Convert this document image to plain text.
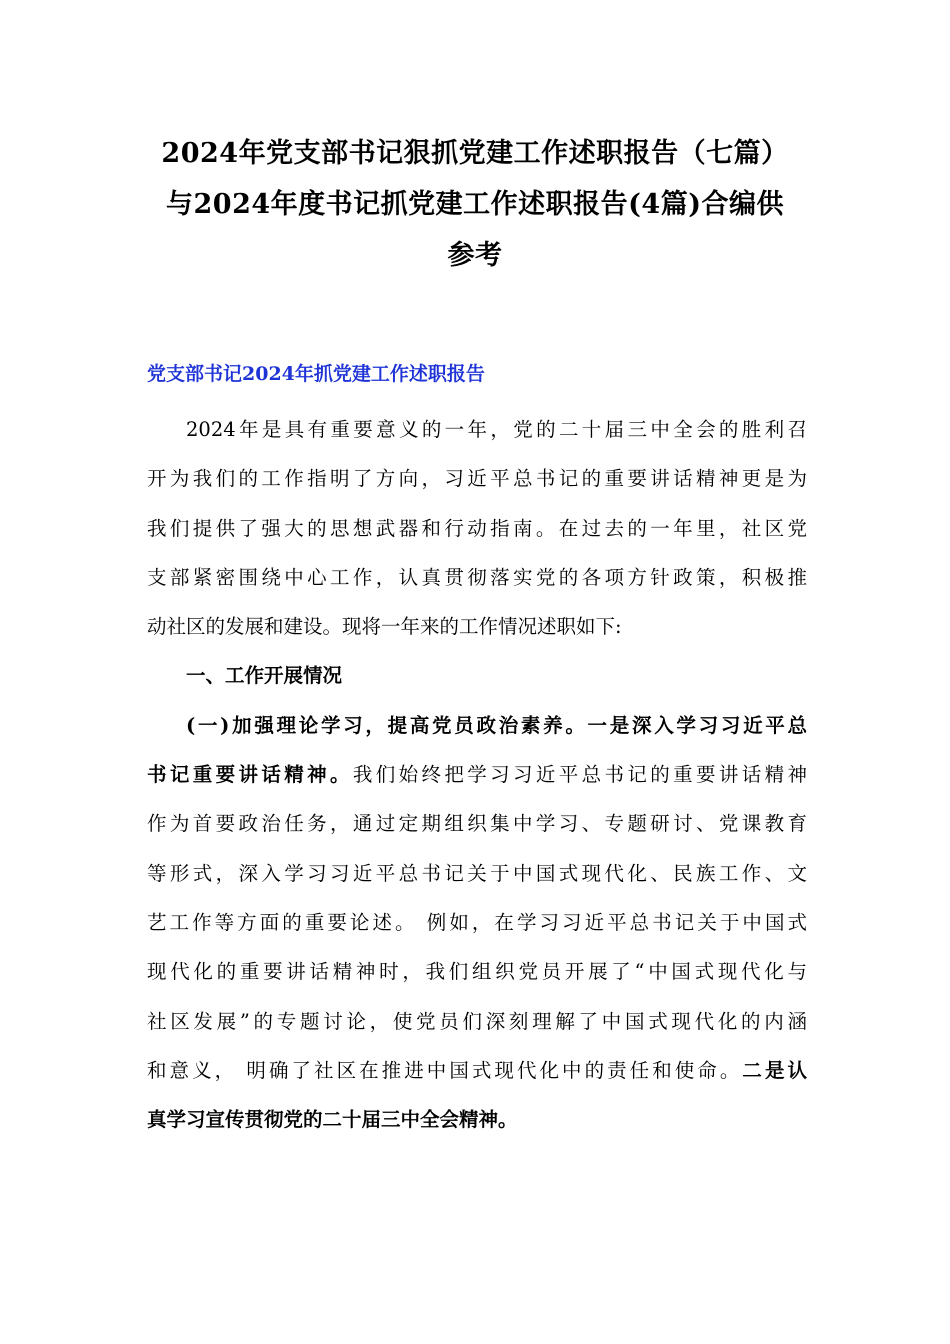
2024年党支部书记狠抓党建工作述职报告（七篇）
与2024年度书记抓党建工作述职报告(4篇)合编供
参考
党支部书记2024年抓党建工作述职报告
2024年是具有重要意义的一年，党的二十届三中全会的胜利召
开为我们的工作指明了方向，习近平总书记的重要讲话精神更是为
我们提供了强大的思想武器和行动指南。在过去的一年里，社区党
支部紧密围绕中心工作，认真贯彻落实党的各项方针政策，积极推
动社区的发展和建设。现将一年来的工作情况述职如下:
一、工作开展情况
(一)加强理论学习，提高党员政治素养。一是深入学习习近平总
书记重要讲话精神。我们始终把学习习近平总书记的重要讲话精神
作为首要政治任务，通过定期组织集中学习、专题研讨、党课教育
等形式，深入学习习近平总书记关于中国式现代化、民族工作、文
艺工作等方面的重要论述。 例如，在学习习近平总书记关于中国式
现代化的重要讲话精神时，我们组织党员开展了“中国式现代化与
社区发展”的专题讨论，使党员们深刻理解了中国式现代化的内涵
和意义， 明确了社区在推进中国式现代化中的责任和使命。二是认
真学习宣传贯彻党的二十届三中全会精神。
